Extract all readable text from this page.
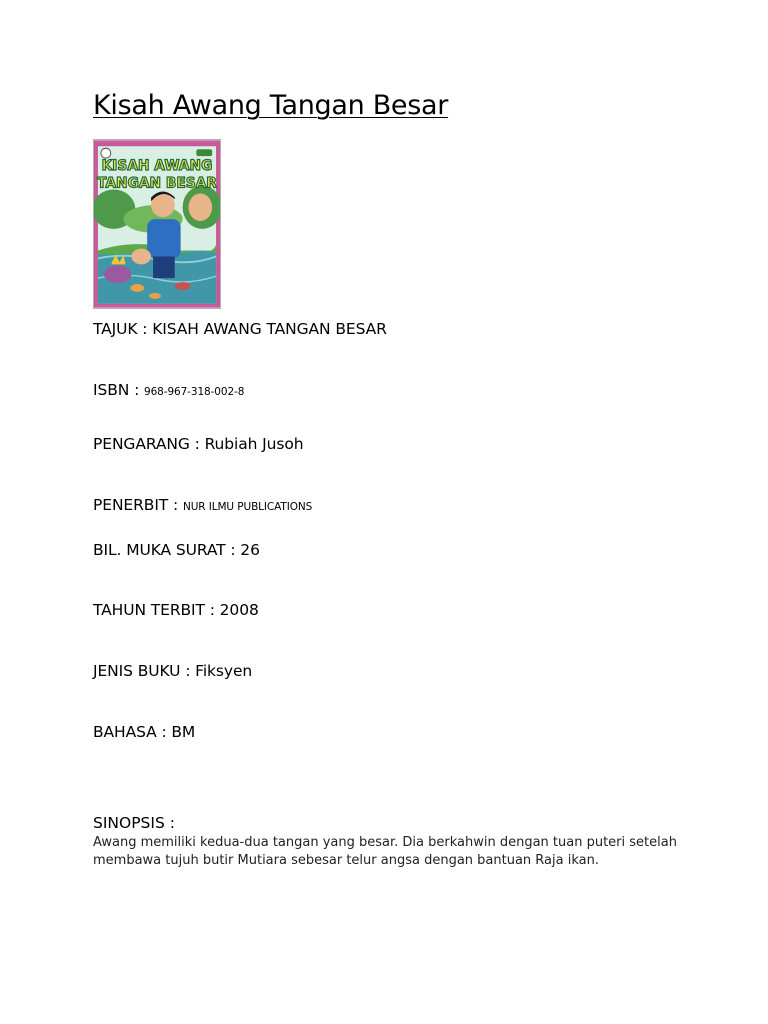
Kisah Awang Tangan Besar
KISAH AWANG
TANGAN BESAR

TAJUK : KISAH AWANG TANGAN BESAR

ISBN : 968-967-318-002-8

PENGARANG : Rubiah Jusoh

PENERBIT : NUR ILMU PUBLICATIONS

BIL. MUKA SURAT : 26

TAHUN TERBIT : 2008

JENIS BUKU : Fiksyen

BAHASA : BM

SINOPSIS :

Awang memiliki kedua-dua tangan yang besar. Dia berkahwin dengan tuan puteri setelah membawa tujuh butir Mutiara sebesar telur angsa dengan bantuan Raja ikan.
